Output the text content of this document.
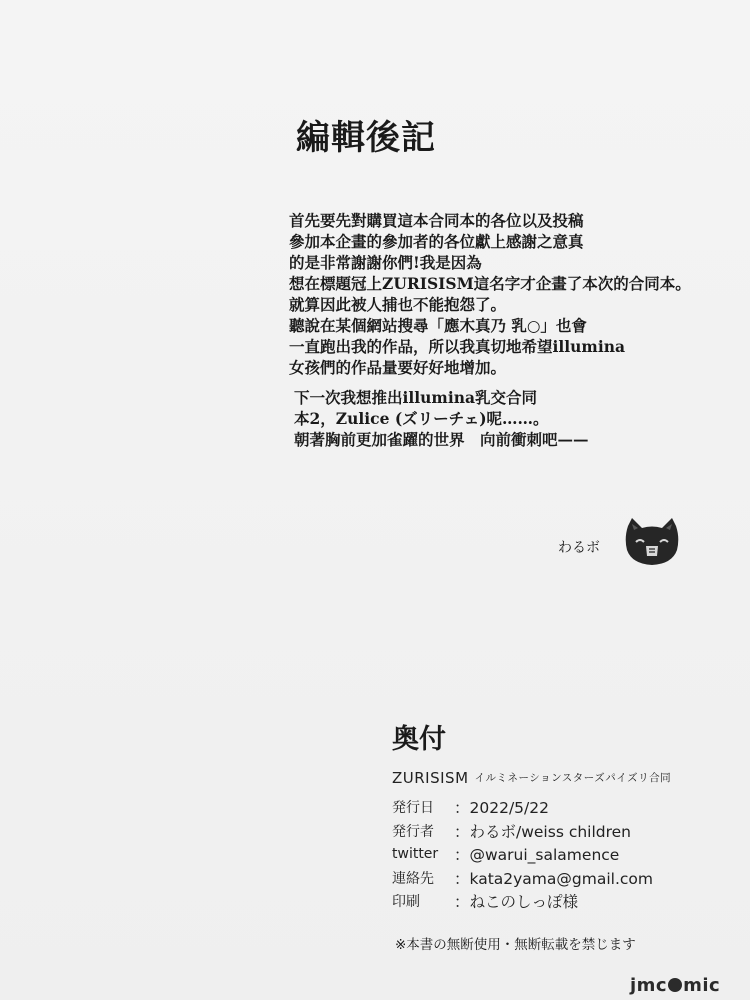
編輯後記
首先要先對購買這本合同本的各位以及投稿
參加本企畫的參加者的各位獻上感謝之意真
的是非常謝謝你們!我是因為
想在標題冠上ZURISISM這名字才企畫了本次的合同本。
就算因此被人捕也不能抱怨了。
聽說在某個網站搜尋「應木真乃 乳○」也會
一直跑出我的作品，所以我真切地希望illumina
女孩們的作品量要好好地增加。
下一次我想推出illumina乳交合同
本2，Zulice (ズリーチェ)呢……。
朝著胸前更加雀躍的世界　向前衝刺吧——
わるボ
奥付
ZURISISM イルミネーションスターズパイズリ合同
発行日	：2022/5/22
発行者	：わるボ/weiss children
twitter	：@warui_salamence
連絡先	：kata2yama@gmail.com
印刷	：ねこのしっぽ様
※本書の無断使用・無断転載を禁じます
jmc mic
